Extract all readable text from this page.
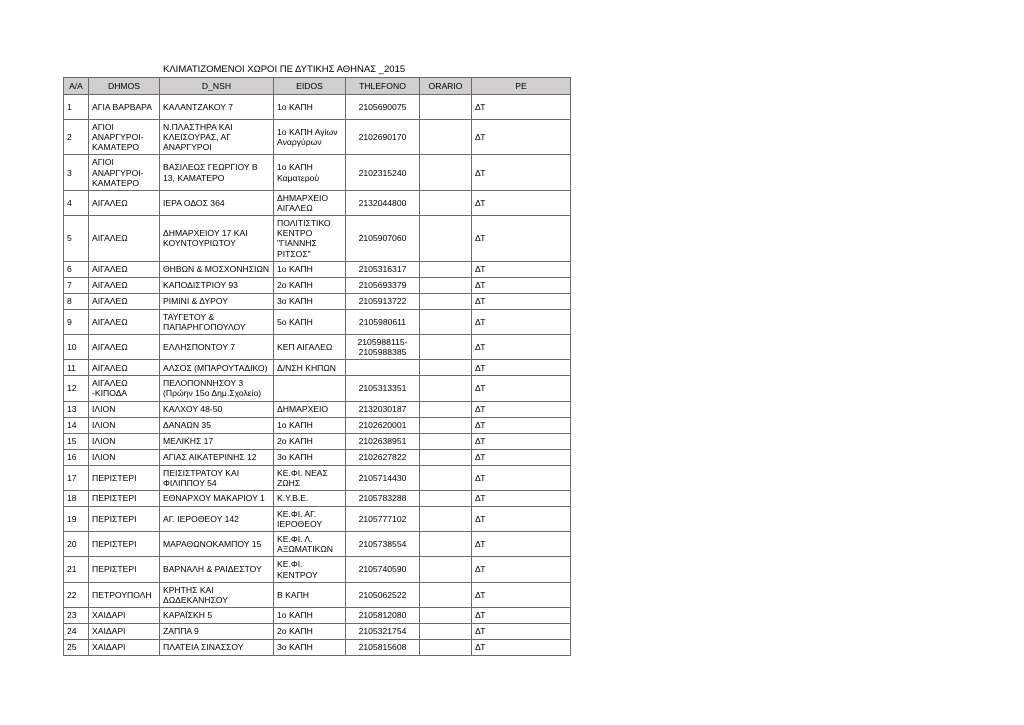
ΚΛΙΜΑΤΙΖΟΜΕΝΟΙ ΧΩΡΟΙ ΠΕ ΔΥΤΙΚΗΣ ΑΘΗΝΑΣ _2015
Α/Α	DHMOS	D_NSH	EIDOS	THLEFONO	ORARIO	PE
1	ΑΓΙΑ ΒΑΡΒΑΡΑ	ΚΑΛΑΝΤΖΑΚΟΥ 7	1ο ΚΑΠΗ	2105690075		ΔΤ
2	ΑΓΙΟΙ ΑΝΑΡΓΥΡΟΙ- ΚΑΜΑΤΕΡΟ	Ν.ΠΛΑΣΤΗΡΑ ΚΑΙ ΚΛΕΙΣΟΥΡΑΣ, ΑΓ ΑΝΑΡΓΥΡΟΙ	1ο ΚΑΠΗ Αγίων Αναργύρων	2102690170		ΔΤ
3	ΑΓΙΟΙ ΑΝΑΡΓΥΡΟΙ- ΚΑΜΑΤΕΡΟ	ΒΑΣΙΛΕΩΣ ΓΕΩΡΓΙΟΥ Β 13, ΚΑΜΑΤΕΡΟ	1ο ΚΑΠΗ Καματερού	2102315240		ΔΤ
4	ΑΙΓΑΛΕΩ	ΙΕΡΑ ΟΔΟΣ 364	ΔΗΜΑΡΧΕΙΟ ΑΙΓΑΛΕΩ	2132044800		ΔΤ
5	ΑΙΓΑΛΕΩ	ΔΗΜΑΡΧΕΙΟΥ 17 ΚΑΙ ΚΟΥΝΤΟΥΡΙΩΤΟΥ	ΠΟΛΙΤΙΣΤΙΚΟ ΚΕΝΤΡΟ "ΓΙΑΝΝΗΣ ΡΙΤΣΟΣ"	2105907060		ΔΤ
6	ΑΙΓΑΛΕΩ	ΘΗΒΩΝ & ΜΟΣΧΟΝΗΣΙΩΝ	1ο ΚΑΠΗ	2105316317		ΔΤ
7	ΑΙΓΑΛΕΩ	ΚΑΠΟΔΙΣΤΡΙΟΥ 93	2ο ΚΑΠΗ	2105693379		ΔΤ
8	ΑΙΓΑΛΕΩ	ΡΙΜΙΝΙ & ΔΥΡΟΥ	3ο ΚΑΠΗ	2105913722		ΔΤ
9	ΑΙΓΑΛΕΩ	ΤΑΥΓΕΤΟΥ & ΠΑΠΑΡΗΓΟΠΟΥΛΟΥ	5ο ΚΑΠΗ	2105980611		ΔΤ
10	ΑΙΓΑΛΕΩ	ΕΛΛΗΣΠΟΝΤΟΥ 7	ΚΕΠ ΑΙΓΑΛΕΩ	2105988115-2105988385		ΔΤ
11	ΑΙΓΑΛΕΩ	ΑΛΣΟΣ (ΜΠΑΡΟΥΤΑΔΙΚΟ)	Δ/ΝΣΗ ΚΗΠΩΝ			ΔΤ
12	ΑΙΓΑΛΕΩ -ΚΙΠΟΔΑ	ΠΕΛΟΠΟΝΝΗΣΟΥ 3 (Πρώην 15ο Δημ.Σχολείο)		2105313351		ΔΤ
13	ΙΛΙΟΝ	ΚΑΛΧΟΥ 48-50	ΔΗΜΑΡΧΕΙΟ	2132030187		ΔΤ
14	ΙΛΙΟΝ	ΔΑΝΑΩΝ 35	1ο ΚΑΠΗ	2102620001		ΔΤ
15	ΙΛΙΟΝ	ΜΕΛΙΚΗΣ 17	2ο ΚΑΠΗ	2102638951		ΔΤ
16	ΙΛΙΟΝ	ΑΓΙΑΣ ΑΙΚΑΤΕΡΙΝΗΣ 12	3ο ΚΑΠΗ	2102627822		ΔΤ
17	ΠΕΡΙΣΤΕΡΙ	ΠΕΙΣΙΣΤΡΑΤΟΥ ΚΑΙ ΦΙΛΙΠΠΟΥ 54	ΚΕ.ΦΙ. ΝΕΑΣ ΖΩΗΣ	2105714430		ΔΤ
18	ΠΕΡΙΣΤΕΡΙ	ΕΘΝΑΡΧΟΥ ΜΑΚΑΡΙΟΥ 1	Κ.Υ.Β.Ε.	2105783288		ΔΤ
19	ΠΕΡΙΣΤΕΡΙ	ΑΓ. ΙΕΡΟΘΕΟΥ 142	ΚΕ.ΦΙ. ΑΓ. ΙΕΡΟΘΕΟΥ	2105777102		ΔΤ
20	ΠΕΡΙΣΤΕΡΙ	ΜΑΡΑΘΩΝΟΚΑΜΠΟΥ 15	ΚΕ.ΦΙ. Λ. ΑΞΩΜΑΤΙΚΩΝ	2105738554		ΔΤ
21	ΠΕΡΙΣΤΕΡΙ	ΒΑΡΝΑΛΗ & ΡΑΙΔΕΣΤΟΥ	ΚΕ.ΦΙ. ΚΕΝΤΡΟΥ	2105740590		ΔΤ
22	ΠΕΤΡΟΥΠΟΛΗ	ΚΡΗΤΗΣ ΚΑΙ ΔΩΔΕΚΑΝΗΣΟΥ	Β ΚΑΠΗ	2105062522		ΔΤ
23	ΧΑΙΔΑΡΙ	ΚΑΡΑΪΣΚΗ 5	1ο ΚΑΠΗ	2105812080		ΔΤ
24	ΧΑΙΔΑΡΙ	ΖΑΠΠΑ 9	2ο ΚΑΠΗ	2105321754		ΔΤ
25	ΧΑΙΔΑΡΙ	ΠΛΑΤΕΙΑ ΣΙΝΑΣΣΟΥ	3ο ΚΑΠΗ	2105815608		ΔΤ
